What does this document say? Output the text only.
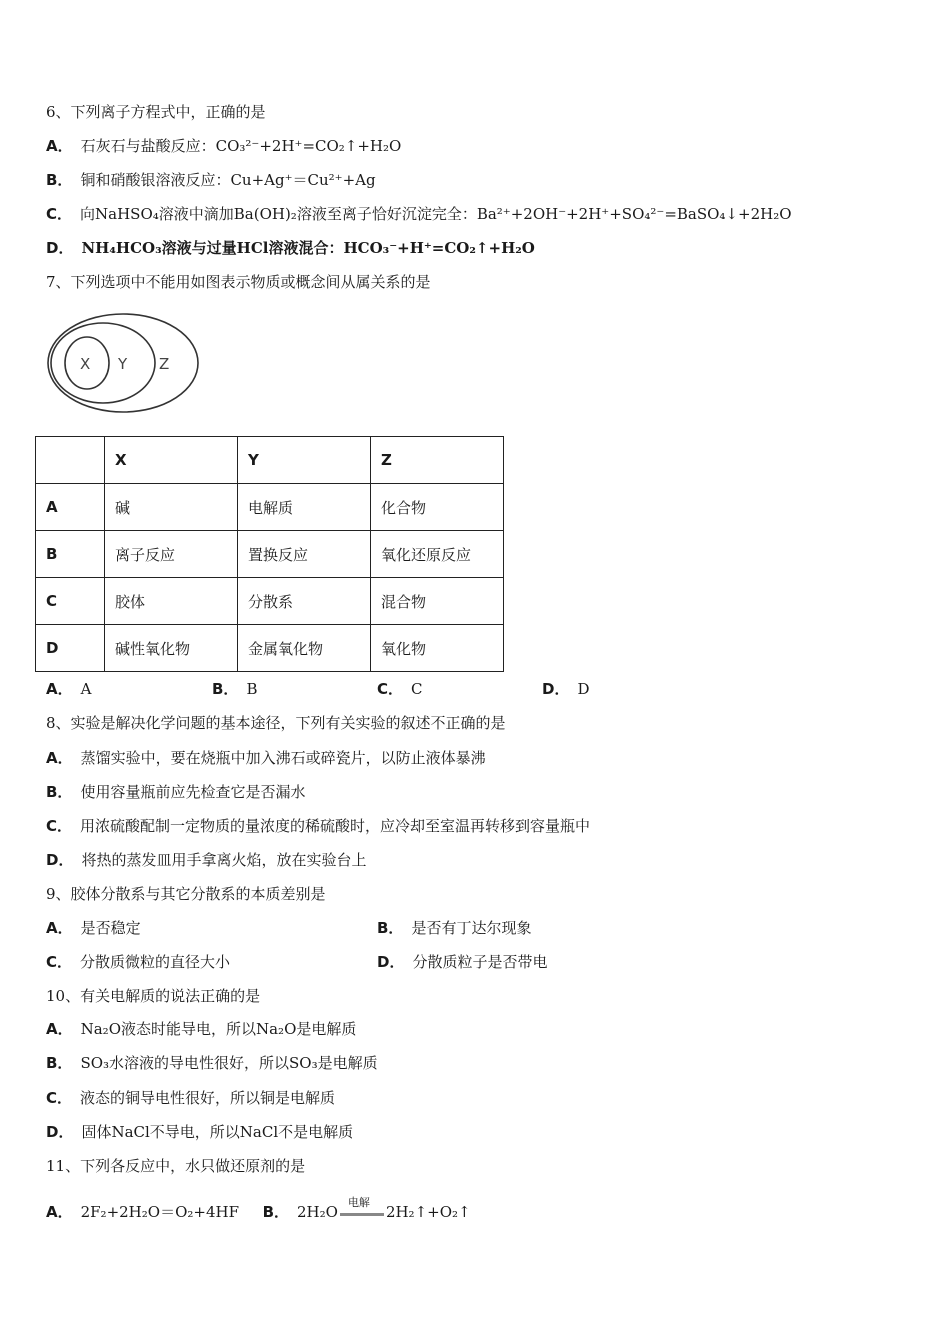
6、下列离子方程式中，正确的是
A． 石灰石与盐酸反应：CO₃²⁻+2H⁺=CO₂↑+H₂O
B． 铜和硝酸银溶液反应：Cu+Ag⁺＝Cu²⁺+Ag
C． 向NaHSO₄溶液中滴加Ba(OH)₂溶液至离子恰好沉淀完全：Ba²⁺+2OH⁻+2H⁺+SO₄²⁻=BaSO₄↓+2H₂O
D． NH₄HCO₃溶液与过量HCl溶液混合：HCO₃⁻+H⁺=CO₂↑+H₂O
7、下列选项中不能用如图表示物质或概念间从属关系的是
X Y Z
	X	Y	Z
A	碱	电解质	化合物
B	离子反应	置换反应	氧化还原反应
C	胶体	分散系	混合物
D	碱性氧化物	金属氧化物	氧化物
A． A	B． B	C． C	D． D
8、实验是解决化学问题的基本途径，下列有关实验的叙述不正确的是
A． 蒸馏实验中，要在烧瓶中加入沸石或碎瓷片，以防止液体暴沸
B． 使用容量瓶前应先检查它是否漏水
C． 用浓硫酸配制一定物质的量浓度的稀硫酸时，应冷却至室温再转移到容量瓶中
D． 将热的蒸发皿用手拿离火焰，放在实验台上
9、胶体分散系与其它分散系的本质差别是
A． 是否稳定	B． 是否有丁达尔现象
C． 分散质微粒的直径大小	D． 分散质粒子是否带电
10、有关电解质的说法正确的是
A． Na₂O液态时能导电，所以Na₂O是电解质
B． SO₃水溶液的导电性很好，所以SO₃是电解质
C． 液态的铜导电性很好，所以铜是电解质
D． 固体NaCl不导电，所以NaCl不是电解质
11、下列各反应中，水只做还原剂的是
A． 2F₂+2H₂O＝O₂+4HF B． 2H₂O
电解
2H₂↑+O₂↑
